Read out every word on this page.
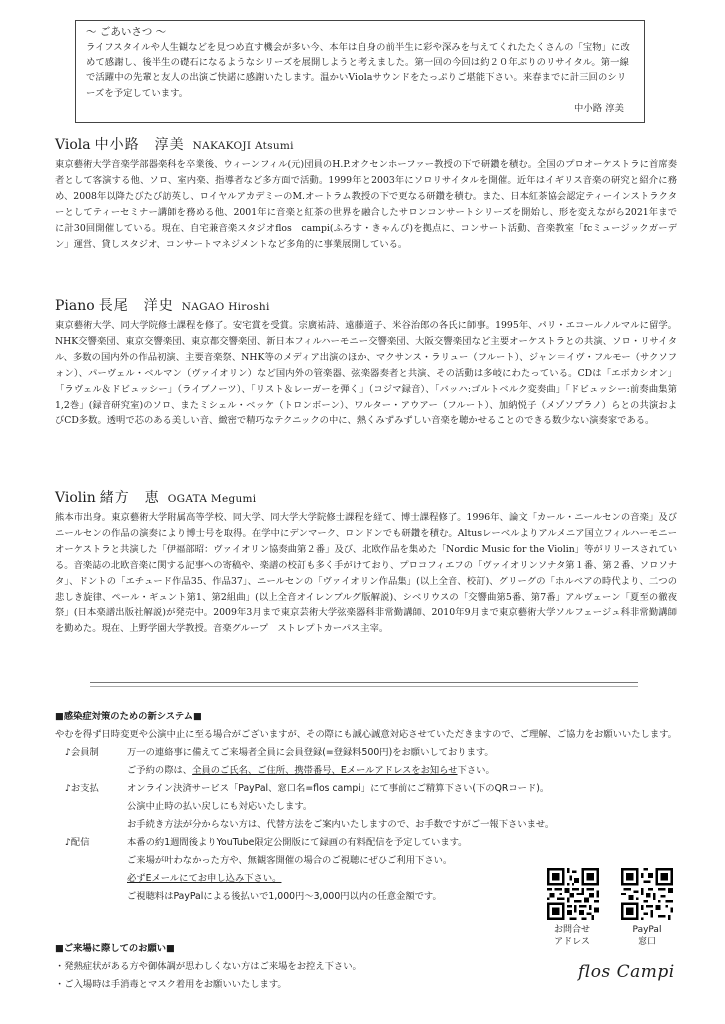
〜 ごあいさつ 〜
ライフスタイルや人生観などを見つめ直す機会が多い今、本年は自身の前半生に彩や深みを与えてくれたたくさんの「宝物」に改めて感謝し、後半生の礎石になるようなシリーズを展開しようと考えました。第一回の今回は約２０年ぶりのリサイタル。第一線で活躍中の先輩と友人の出演ご快諾に感謝いたします。温かいViolaサウンドをたっぷりご堪能下さい。来春までに計三回のシリーズを予定しています。
中小路 淳美
Viola 中小路　淳美 NAKAKOJI Atsumi
東京藝術大学音楽学部器楽科を卒業後、ウィーンフィル(元)団員のH.P.オクセンホーファー教授の下で研鑽を積む。全国のプロオーケストラに首席奏者として客演する他、ソロ、室内楽、指導者など多方面で活動。1999年と2003年にソロリサイタルを開催。近年はイギリス音楽の研究と紹介に務め、2008年以降たびたび訪英し、ロイヤルアカデミーのM.オートラム教授の下で更なる研鑽を積む。また、日本紅茶協会認定ティーインストラクターとしてティーセミナー講師を務める他、2001年に音楽と紅茶の世界を融合したサロンコンサートシリーズを開始し、形を変えながら2021年までに計30回開催している。現在、自宅兼音楽スタジオflos　campi(ふろす・きゃんぴ)を拠点に、コンサート活動、音楽教室「fcミュージックガーデン」運営、貸しスタジオ、コンサートマネジメントなど多角的に事業展開している。
Piano 長尾　洋史 NAGAO Hiroshi
東京藝術大学、同大学院修士課程を修了。安宅賞を受賞。宗廣祐詩、遠藤道子、米谷治郎の各氏に師事。1995年、パリ・エコールノルマルに留学。NHK交響楽団、東京交響楽団、東京都交響楽団、新日本フィルハーモニー交響楽団、大阪交響楽団など主要オーケストラとの共演、ソロ・リサイタル、多数の国内外の作品初演、主要音楽祭、NHK等のメディア出演のほか、マクサンス・ラリュー（フルート）、ジャン＝イヴ・フルモー（サクソフォン）、パーヴェル・ベルマン（ヴァイオリン）など国内外の管楽器、弦楽器奏者と共演、その活動は多岐にわたっている。CDは「エボカシオン」「ラヴェル＆ドビュッシー」（ライブノーツ）、「リスト＆レーガーを弾く」（コジマ録音）、「バッハ:ゴルトベルク変奏曲」「ドビュッシー:前奏曲集第1,2巻」(録音研究室)のソロ、またミシェル・ベッケ（トロンボーン）、ワルター・アウアー（フルート）、加納悦子（メゾソプラノ）らとの共演およびCD多数。透明で芯のある美しい音、緻密で精巧なテクニックの中に、熱くみずみずしい音楽を聴かせることのできる数少ない演奏家である。
Violin 緒方　恵 OGATA Megumi
熊本市出身。東京藝術大学附属高等学校、同大学、同大学大学院修士課程を経て、博士課程修了。1996年、論文「カール・ニールセンの音楽」及びニールセンの作品の演奏により博士号を取得。在学中にデンマーク、ロンドンでも研鑽を積む。Altusレーベルよりアルメニア国立フィルハーモニーオーケストラと共演した「伊福部昭：ヴァイオリン協奏曲第２番」及び、北欧作品を集めた「Nordic Music for the Violin」等がリリースされている。音楽誌の北欧音楽に関する記事への寄稿や、楽譜の校訂も多く手がけており、プロコフィエフの「ヴァイオリンソナタ第１番、第２番、ソロソナタ」、ドントの「エチュード作品35、作品37」、ニールセンの「ヴァイオリン作品集」(以上全音、校訂)、グリーグの「ホルベアの時代より、二つの悲しき旋律、ペール・ギュント第1、第2組曲」(以上全音オイレンブルグ版解説)、シベリウスの「交響曲第5番、第7番」アルヴェーン「夏至の徹夜祭」(日本楽譜出版社解説)が発売中。2009年3月まで東京芸術大学弦楽器科非常勤講師、2010年9月まで東京藝術大学ソルフェージュ科非常勤講師を勤めた。現在、上野学園大学教授。音楽グループ　ストレプトカーパス主宰。
■感染症対策のための新システム■
やむを得ず日時変更や公演中止に至る場合がございますが、その際にも誠心誠意対応させていただきますので、ご理解、ご協力をお願いいたします。
♪会員制	万一の連絡事に備えてご来場者全員に会員登録(=登録料500円)をお願いしております。
ご予約の際は、全員のご氏名、ご住所、携帯番号、Eメールアドレスをお知らせ下さい。
♪お支払	オンライン決済サービス「PayPal、窓口名=flos campi」にて事前にご精算下さい(下のQRコード)。
公演中止時の払い戻しにも対応いたします。
お手続き方法が分からない方は、代替方法をご案内いたしますので、お手数ですがご一報下さいませ。
♪配信	本番の約1週間後よりYouTube限定公開版にて録画の有料配信を予定しています。
ご来場が叶わなかった方や、無観客開催の場合のご視聴にぜひご利用下さい。
必ずEメールにてお申し込み下さい。
ご視聴料はPayPalによる後払いで1,000円〜3,000円以内の任意金額です。
■ご来場に際してのお願い■
・発熱症状がある方や御体調が思わしくない方はご来場をお控え下さい。
・ご入場時は手消毒とマスク着用をお願いいたします。
お問合せ
アドレス
PayPal
窓口
flos Campi
